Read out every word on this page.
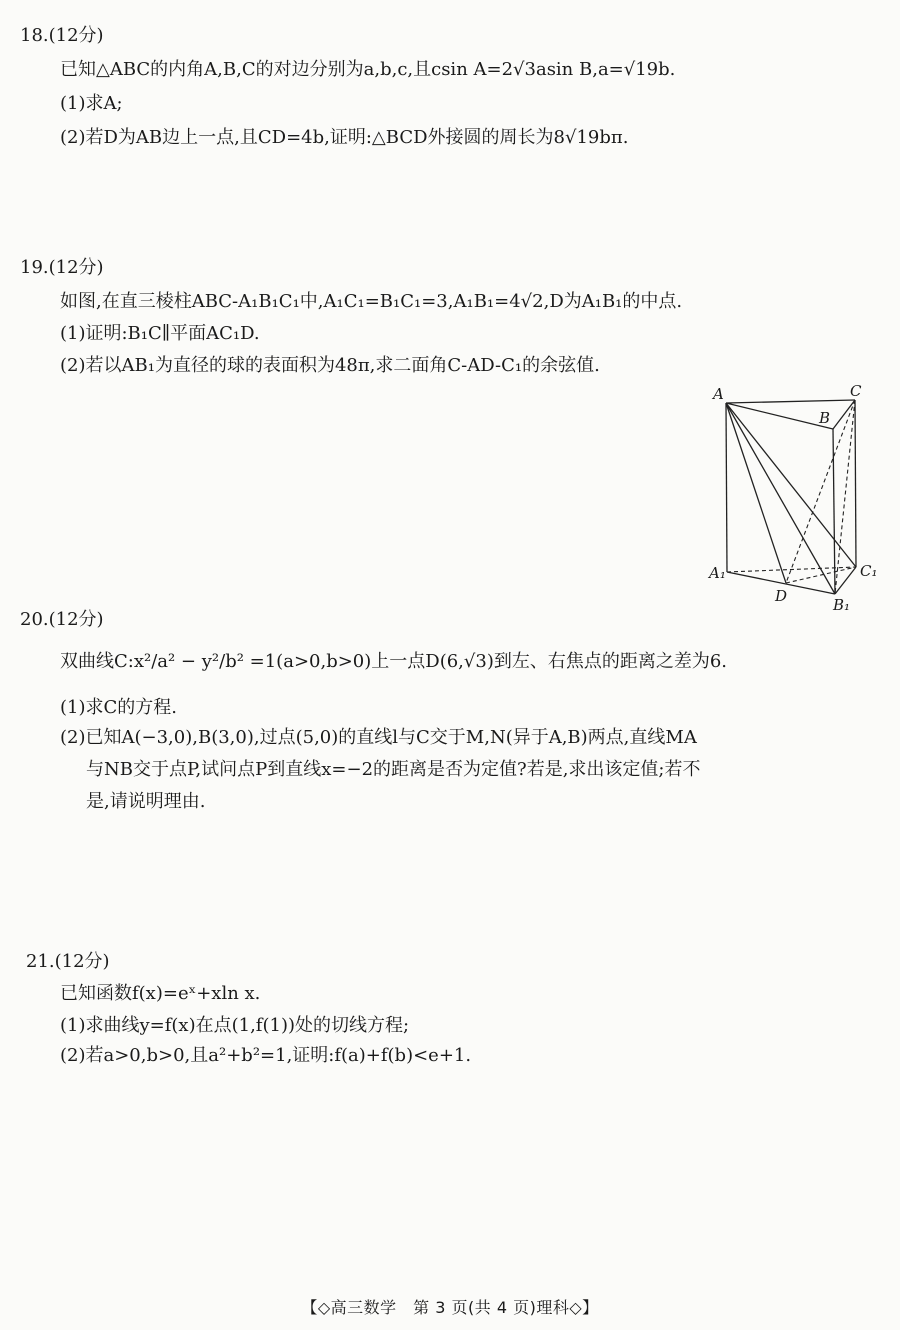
18.(12分)
已知△ABC的内角A,B,C的对边分别为a,b,c,且csin A=2√3asin B,a=√19b.
(1)求A;
(2)若D为AB边上一点,且CD=4b,证明:△BCD外接圆的周长为8√19bπ.
19.(12分)
如图,在直三棱柱ABC-A₁B₁C₁中,A₁C₁=B₁C₁=3,A₁B₁=4√2,D为A₁B₁的中点.
(1)证明:B₁C∥平面AC₁D.
(2)若以AB₁为直径的球的表面积为48π,求二面角C-AD-C₁的余弦值.
A
B
C
A₁
B₁
C₁
D
20.(12分)
双曲线C:x²/a² − y²/b² =1(a>0,b>0)上一点D(6,√3)到左、右焦点的距离之差为6.
(1)求C的方程.
(2)已知A(−3,0),B(3,0),过点(5,0)的直线l与C交于M,N(异于A,B)两点,直线MA
与NB交于点P,试问点P到直线x=−2的距离是否为定值?若是,求出该定值;若不
是,请说明理由.
21.(12分)
已知函数f(x)=eˣ+xln x.
(1)求曲线y=f(x)在点(1,f(1))处的切线方程;
(2)若a>0,b>0,且a²+b²=1,证明:f(a)+f(b)<e+1.
【◇高三数学　第 3 页(共 4 页)理科◇】
